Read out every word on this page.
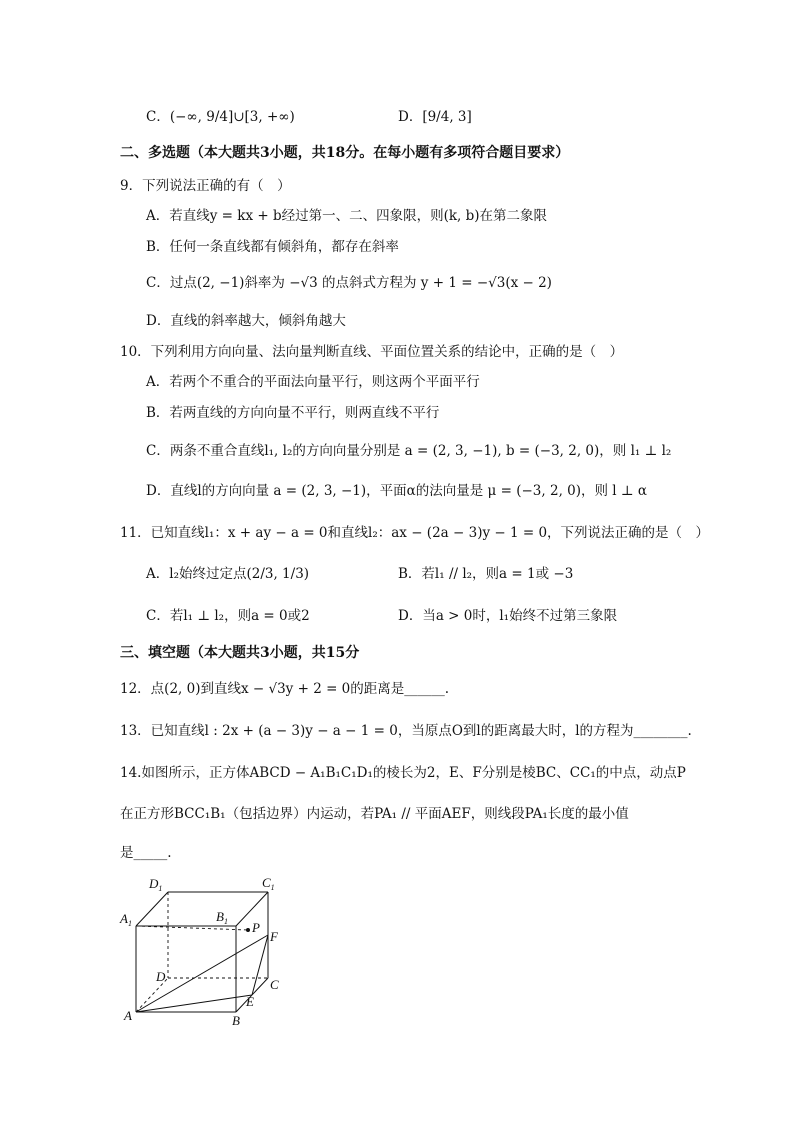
C．(−∞, 9/4]∪[3, +∞)	D．[9/4, 3]
二、多选题（本大题共3小题，共18分。在每小题有多项符合题目要求）
9．下列说法正确的有（　）
A．若直线y = kx + b经过第一、二、四象限，则(k, b)在第二象限
B．任何一条直线都有倾斜角，都存在斜率
C．过点(2, −1)斜率为 −√3 的点斜式方程为 y + 1 = −√3(x − 2)
D．直线的斜率越大，倾斜角越大
10．下列利用方向向量、法向量判断直线、平面位置关系的结论中，正确的是（　）
A．若两个不重合的平面法向量平行，则这两个平面平行
B．若两直线的方向向量不平行，则两直线不平行
C．两条不重合直线l₁, l₂的方向向量分别是 a = (2, 3, −1), b = (−3, 2, 0)，则 l₁ ⊥ l₂
D．直线l的方向向量 a = (2, 3, −1)，平面α的法向量是 μ = (−3, 2, 0)，则 l ⊥ α
11．已知直线l₁：x + ay − a = 0和直线l₂：ax − (2a − 3)y − 1 = 0，下列说法正确的是（　）
A．l₂始终过定点(2/3, 1/3)	B．若l₁ // l₂，则a = 1或 −3
C．若l₁ ⊥ l₂，则a = 0或2	D．当a > 0时，l₁始终不过第三象限
三、填空题（本大题共3小题，共15分
12．点(2, 0)到直线x − √3y + 2 = 0的距离是______.
13．已知直线l : 2x + (a − 3)y − a − 1 = 0，当原点O到l的距离最大时，l的方程为________.
14.如图所示，正方体ABCD − A₁B₁C₁D₁的棱长为2，E、F分别是棱BC、CC₁的中点，动点P
在正方形BCC₁B₁（包括边界）内运动，若PA₁ // 平面AEF，则线段PA₁长度的最小值
是_____.
$D_1$	$C_1$
$A_1$	$B_1$ P
F
D
C
E
A	B
